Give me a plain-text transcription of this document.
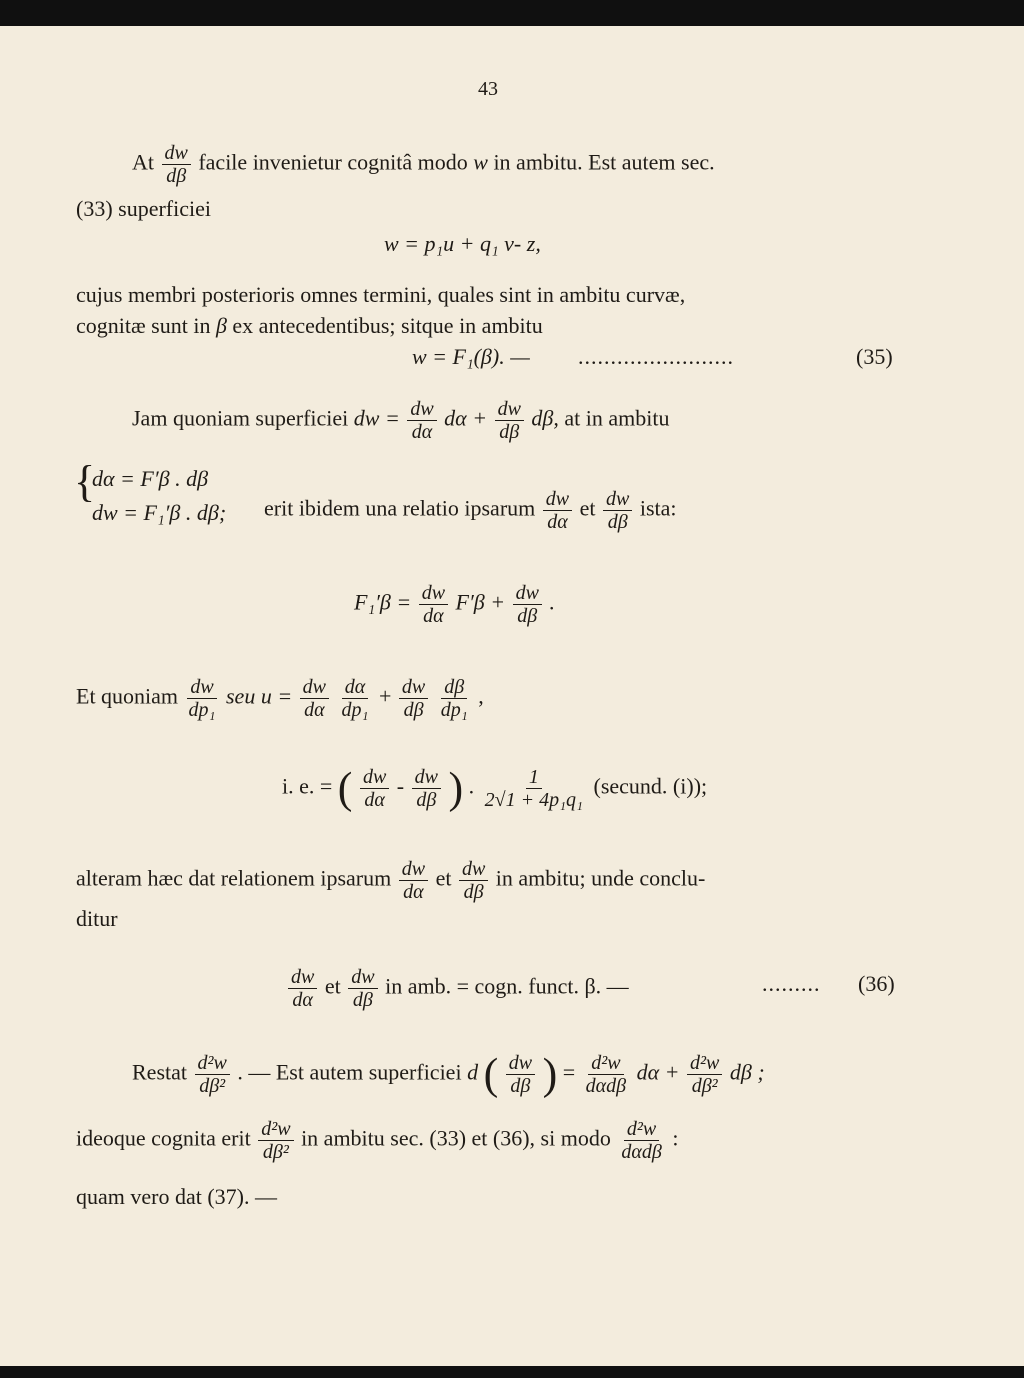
43
At $\frac{dw}{d\beta}$ facile invenietur cognitâ modo w in ambitu. Est autem sec.
(33) superficiei
w = p₁u + q₁ v- z,
cujus membri posterioris omnes termini, quales sint in ambitu curvæ,
cognitæ sunt in β ex antecedentibus; sitque in ambitu
w = F₁(β). — ........................	(35)
Jam quoniam superficiei dw = $\frac{dw}{d\alpha}$ $d\alpha + \frac{dw}{d\beta} d\beta$, at in ambitu
{
dα = F′β . dβ
dw = F₁′β . dβ; erit ibidem una relatio ipsarum $\frac{dw}{d\alpha}$ et $\frac{dw}{d\beta}$ ista:
$F_1'\beta = \frac{dw}{d\alpha} F'\beta + \frac{dw}{d\beta}$ .
Et quoniam $\frac{dw}{\text{dp₁}}$ seu $u = \frac{dw}{d\alpha}$
$\frac{d\alpha}{\text{dp₁}} + \frac{dw}{d\beta}$
$\frac{d\beta}{\text{dp₁}}$ ,
i. e. = ( $\frac{dw}{d\alpha} - \frac{dw}{d\beta}$ ) . $\frac{1}{\text{2√1 + 4p₁q₁}}$ (secund. (i));
alteram hæc dat relationem ipsarum $\frac{dw}{d\alpha}$ et $\frac{dw}{d\beta}$ in ambitu; unde conclu-
ditur
$\frac{dw}{d\alpha}$ et $\frac{dw}{d\beta}$ in amb. = cogn. funct. β. —	......... (36)
Restat $\frac{\text{d²w}}{\text{dβ²}}$ . — Est autem superficiei d ( $\frac{dw}{d\beta}$ ) = $\frac{\text{d²w}}{\text{dαdβ}}$ $d\alpha + \frac{\text{d²w}}{\text{dβ²}}$ dβ ;
ideoque cognita erit $\frac{\text{d²w}}{\text{dβ²}}$ in ambitu sec. (33) et (36), si modo $\frac{\text{d²w}}{\text{dαdβ}}$ :
quam vero dat (37). —
